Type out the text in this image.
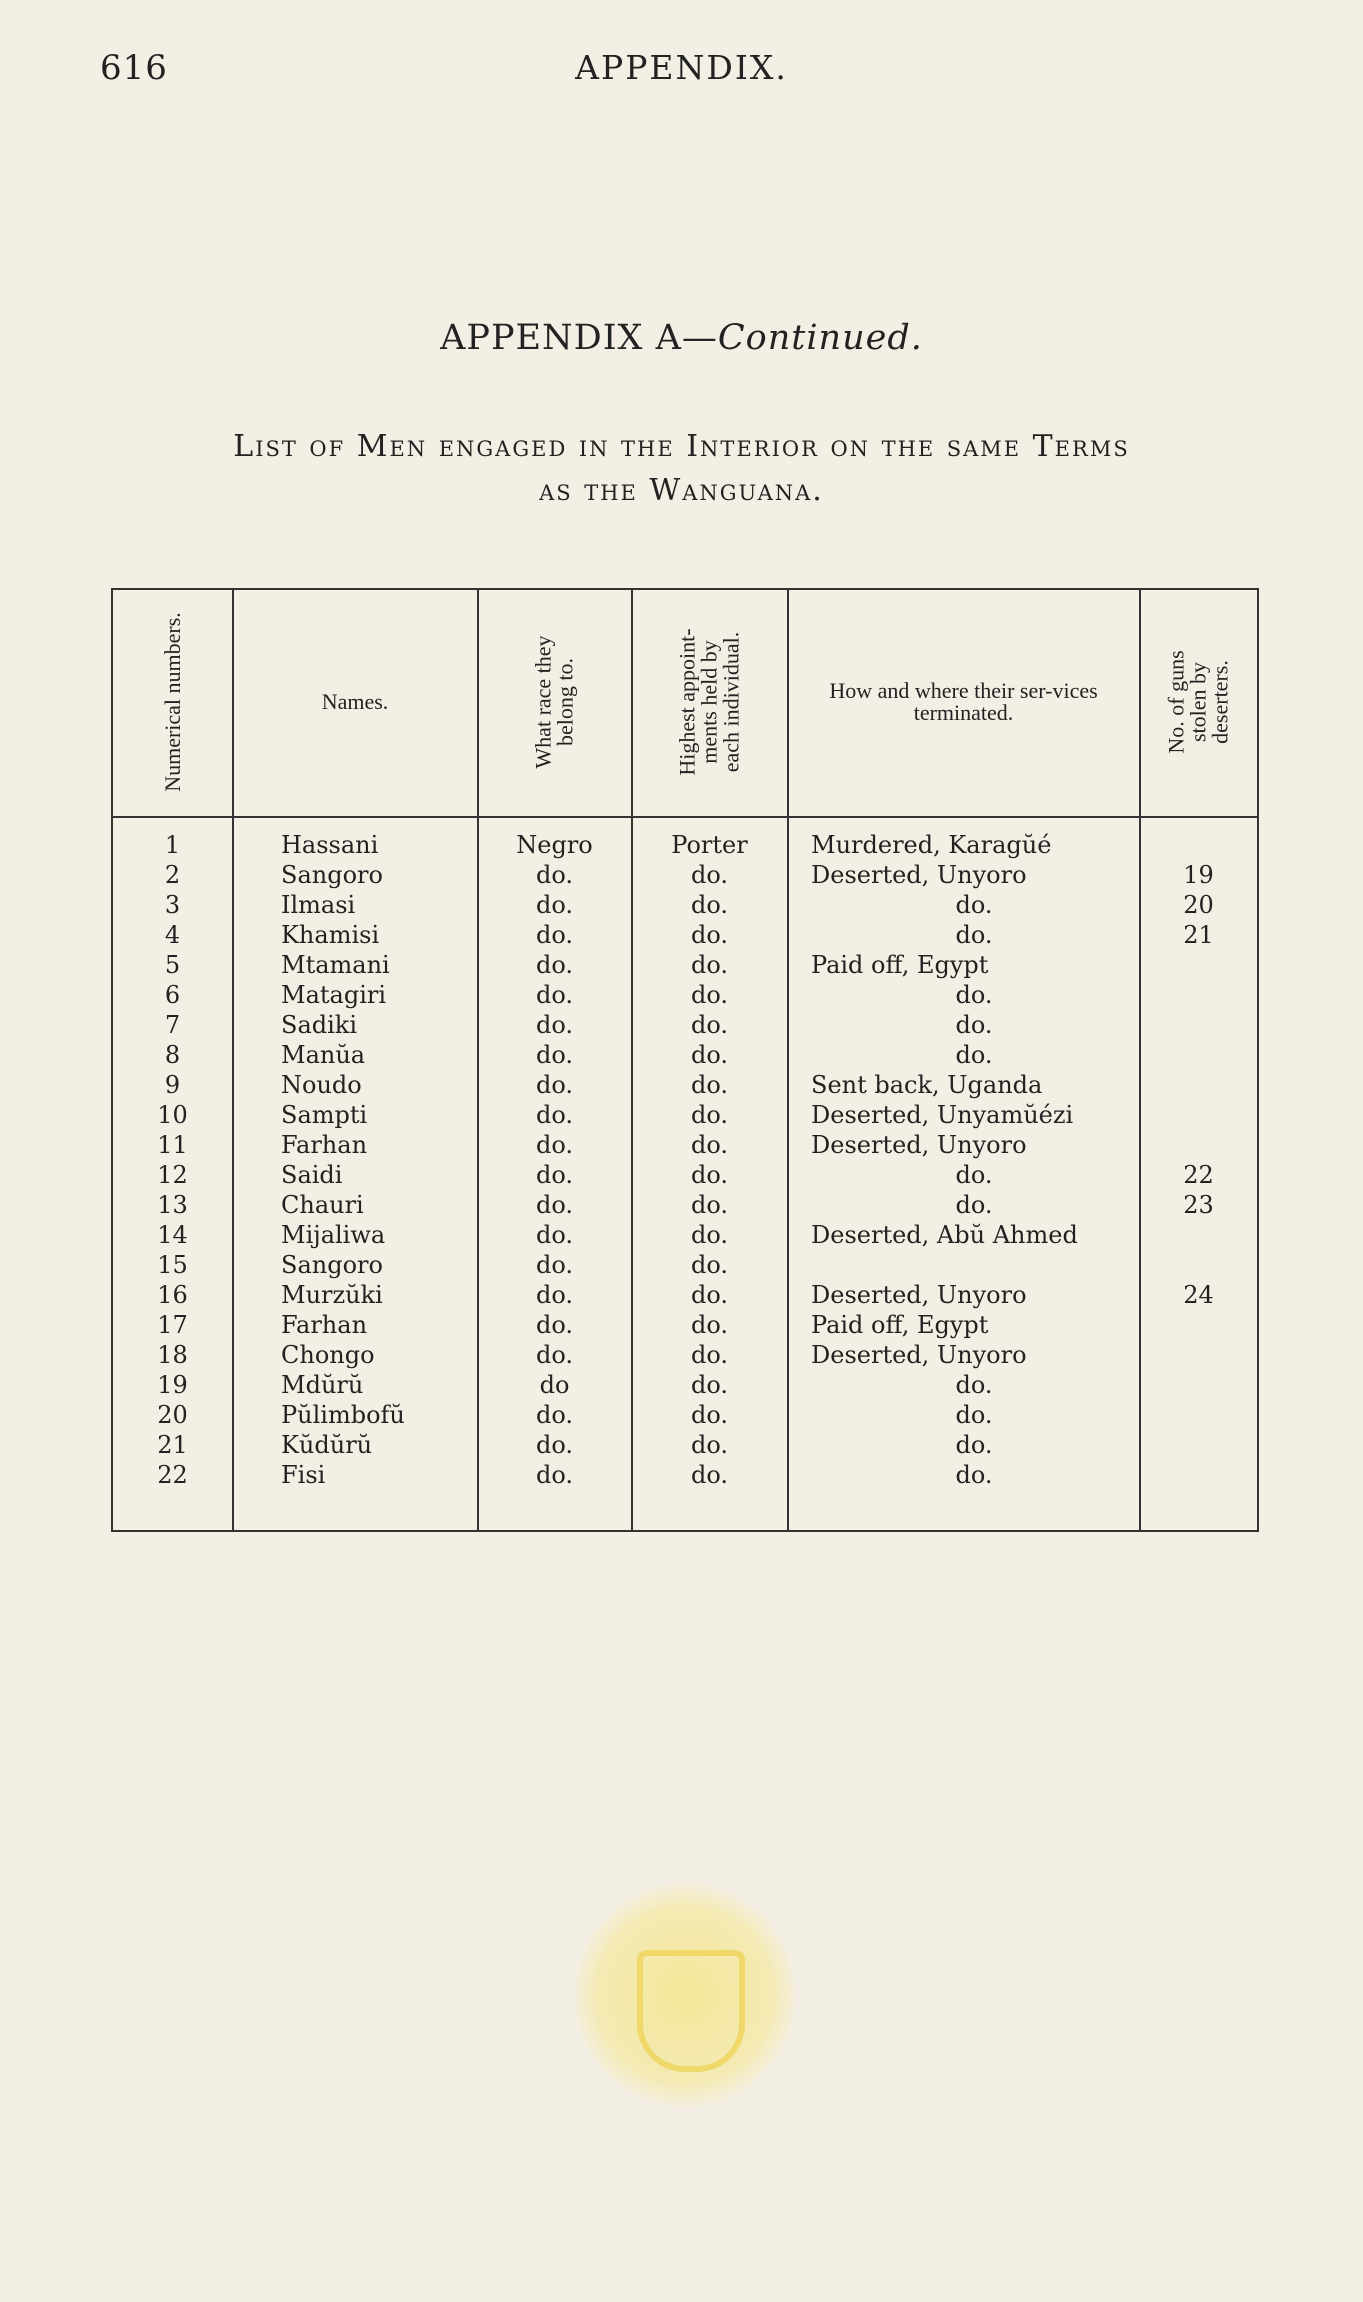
616	APPENDIX.
APPENDIX A—Continued.
List of Men engaged in the Interior on the same Terms
as the Wanguana.
Numerical numbers.	Names.	What race they belong to.	Highest appoint-ments held by each individual.	How and where their ser-vices terminated.	No. of guns stolen by deserters.
1	Hassani	Negro	Porter	Murdered, Karagŭé
2	Sangoro	do.	do.	Deserted, Unyoro	19
3	Ilmasi	do.	do.	do.	20
4	Khamisi	do.	do.	do.	21
5	Mtamani	do.	do.	Paid off, Egypt
6	Matagiri	do.	do.	do.
7	Sadiki	do.	do.	do.
8	Manŭa	do.	do.	do.
9	Noudo	do.	do.	Sent back, Uganda
10	Sampti	do.	do.	Deserted, Unyamŭézi
11	Farhan	do.	do.	Deserted, Unyoro
12	Saidi	do.	do.	do.	22
13	Chauri	do.	do.	do.	23
14	Mijaliwa	do.	do.	Deserted, Abŭ Ahmed
15	Sangoro	do.	do.
16	Murzŭki	do.	do.	Deserted, Unyoro	24
17	Farhan	do.	do.	Paid off, Egypt
18	Chongo	do.	do.	Deserted, Unyoro
19	Mdŭrŭ	do	do.	do.
20	Pŭlimbofŭ	do.	do.	do.
21	Kŭdŭrŭ	do.	do.	do.
22	Fisi	do.	do.	do.
